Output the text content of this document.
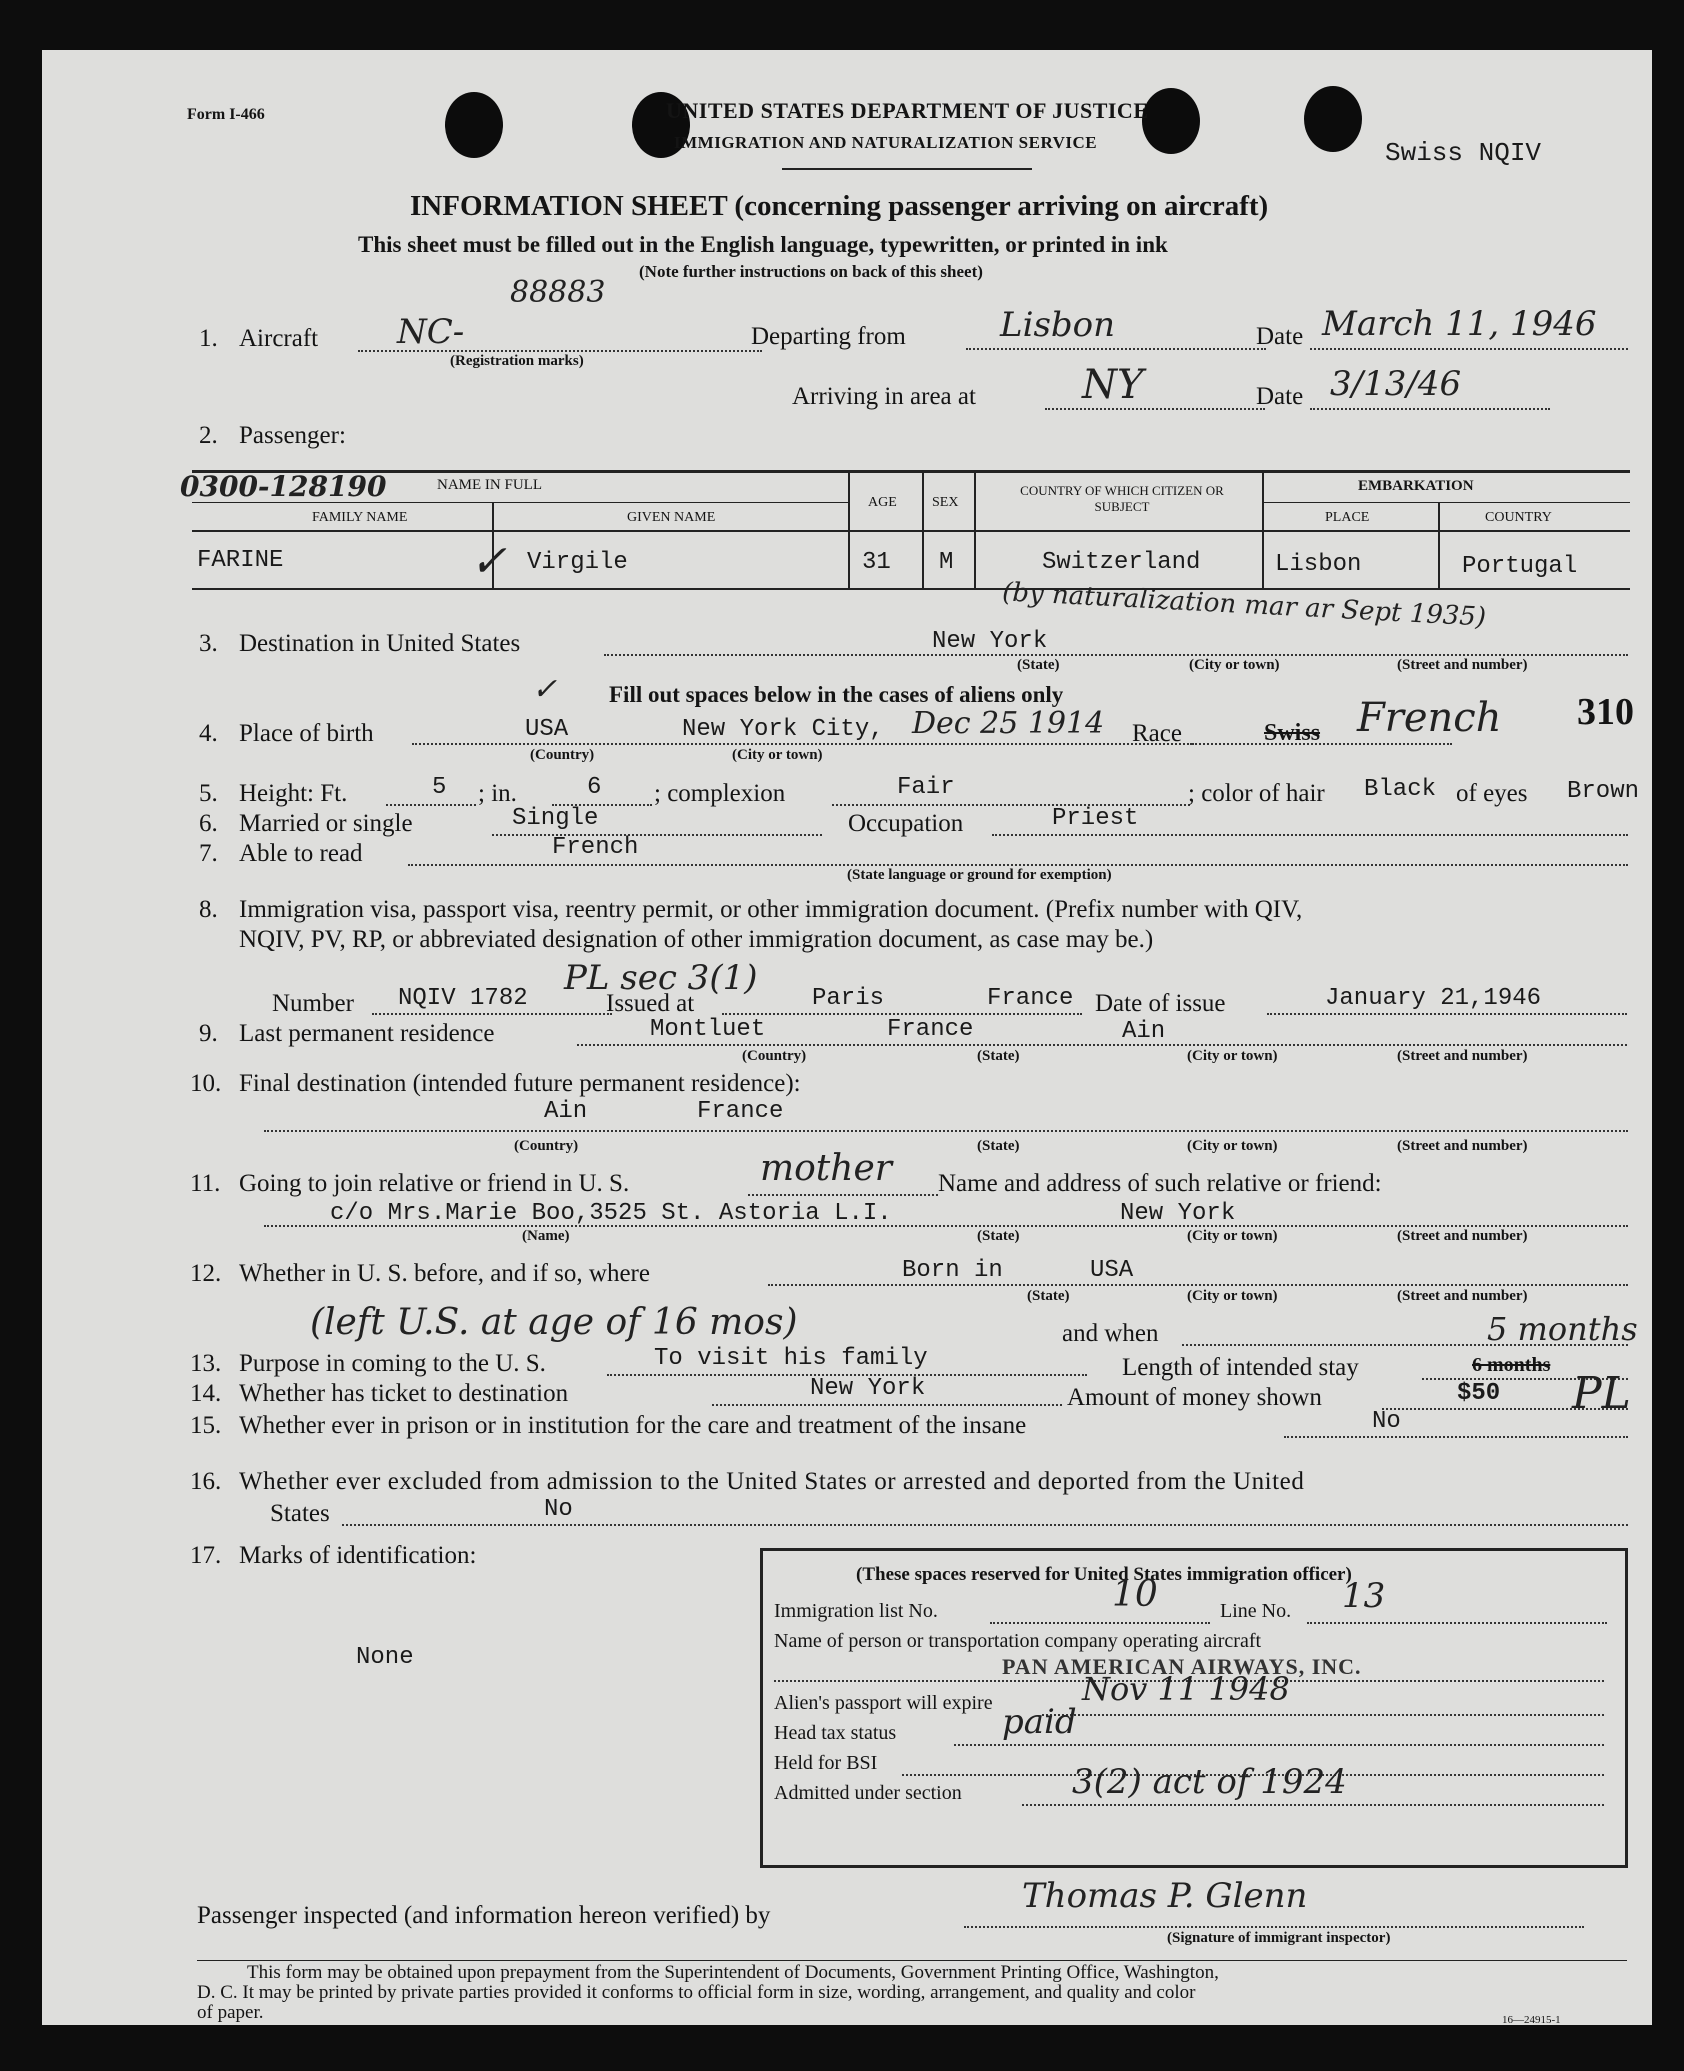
Form I-466	UNITED STATES DEPARTMENT OF JUSTICE
IMMIGRATION AND NATURALIZATION SERVICE	Swiss NQIV
INFORMATION SHEET (concerning passenger arriving on aircraft)
This sheet must be filled out in the English language, typewritten, or printed in ink
(Note further instructions on back of this sheet)
1. Aircraft NC-
88883
(Registration marks)
Departing from	Lisbon	Date March 11, 1946
Arriving in area at	NY	Date 3/13/46
2. Passenger:
0300-128190	NAME IN FULL
FAMILY NAME	GIVEN NAME
AGE	SEX
COUNTRY OF WHICH CITIZEN OR SUBJECT
EMBARKATION
PLACE	COUNTRY
FARINE	✓ Virgile	31 M	Switzerland	Lisbon	Portugal
(by naturalization mar ar Sept 1935)
3. Destination in United States	New York
(State)	(City or town)	(Street and number)
✓ Fill out spaces below in the cases of aliens only
4. Place of birth	USA	New York City, Dec 25 1914
(Country)	(City or town)
Race	Swiss French 310
5. Height: Ft.	5 ; in.	6 ; complexion	Fair	; color of hair Black of eyes Brown
6. Married or single	Single	Occupation	Priest
7. Able to read	French
(State language or ground for exemption)
8. Immigration visa, passport visa, reentry permit, or other immigration document. (Prefix number with QIV,
NQIV, PV, RP, or abbreviated designation of other immigration document, as case may be.)
Number NQIV 1782
PL sec 3(1)
Issued at	Paris	France Date of issue	January 21,1946
9. Last permanent residence	Montluet	France	Ain
(Country)	(State)	(City or town)	(Street and number)
10. Final destination (intended future permanent residence):
Ain	France
(Country)	(State)	(City or town)	(Street and number)
11. Going to join relative or friend in U. S.	mother Name and address of such relative or friend:
c/o Mrs.Marie Boo,3525 St. Astoria L.I.	New York
(Name)	(State)	(City or town)	(Street and number)
12. Whether in U. S. before, and if so, where	Born in	USA
(State)	(City or town)	(Street and number)
(left U.S. at age of 16 mos)	and when
13. Purpose in coming to the U. S.	To visit his family	Length of intended stay	6 months
5 months
14. Whether has ticket to destination	New York	Amount of money shown	$50 PL
15. Whether ever in prison or in institution for the care and treatment of the insane	No
16. Whether ever excluded from admission to the United States or arrested and deported from the United
States	No
17. Marks of identification:
None
(These spaces reserved for United States immigration officer)
Immigration list No.	10	Line No. 13
Name of person or transportation company operating aircraft
PAN AMERICAN AIRWAYS, INC.
Alien's passport will expire	Nov 11 1948
Head tax status	paid
Held for BSI
Admitted under section	3(2) act of 1924
Passenger inspected (and information hereon verified) by	Thomas P. Glenn
(Signature of immigrant inspector)
This form may be obtained upon prepayment from the Superintendent of Documents, Government Printing Office, Washington,
D. C. It may be printed by private parties provided it conforms to official form in size, wording, arrangement, and quality and color
of paper.	16—24915-1
